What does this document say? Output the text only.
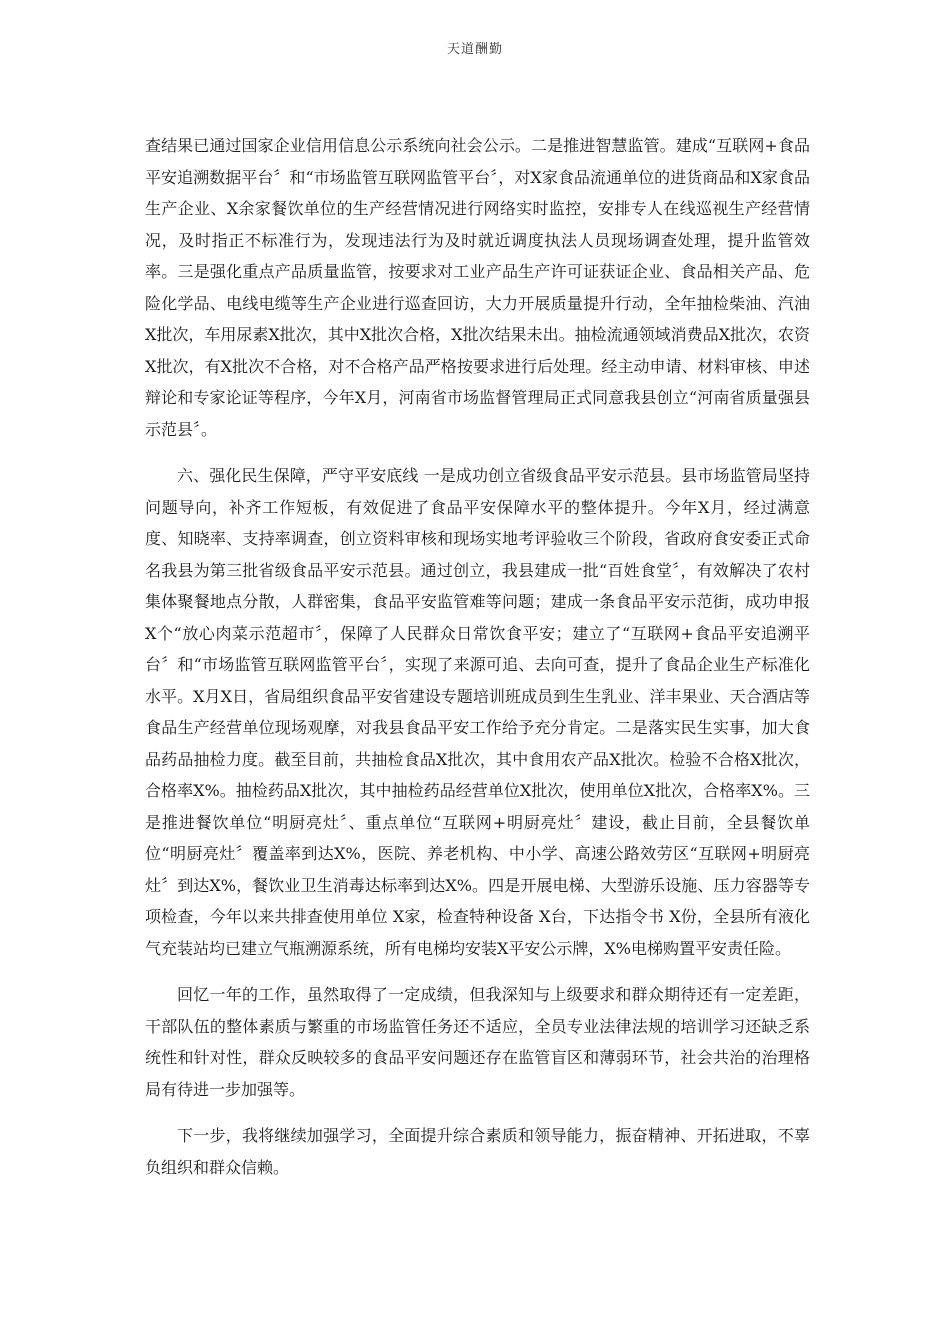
天道酬勤

查结果已通过国家企业信用信息公示系统向社会公示。二是推进智慧监管。建成“互联网+食品平安追溯数据平台〞和“市场监管互联网监管平台〞，对X家食品流通单位的进货商品和X家食品生产企业、X余家餐饮单位的生产经营情况进行网络实时监控，安排专人在线巡视生产经营情况，及时指正不标准行为，发现违法行为及时就近调度执法人员现场调查处理，提升监管效率。三是强化重点产品质量监管，按要求对工业产品生产许可证获证企业、食品相关产品、危险化学品、电线电缆等生产企业进行巡查回访，大力开展质量提升行动，全年抽检柴油、汽油X批次，车用尿素X批次，其中X批次合格，X批次结果未出。抽检流通领域消费品X批次，农资X批次，有X批次不合格，对不合格产品严格按要求进行后处理。经主动申请、材料审核、申述辩论和专家论证等程序，今年X月，河南省市场监督管理局正式同意我县创立“河南省质量强县示范县〞。

六、强化民生保障，严守平安底线 一是成功创立省级食品平安示范县。县市场监管局坚持问题导向，补齐工作短板，有效促进了食品平安保障水平的整体提升。今年X月，经过满意度、知晓率、支持率调查，创立资料审核和现场实地考评验收三个阶段，省政府食安委正式命名我县为第三批省级食品平安示范县。通过创立，我县建成一批“百姓食堂〞，有效解决了农村集体聚餐地点分散，人群密集，食品平安监管难等问题；建成一条食品平安示范街，成功申报X个“放心肉菜示范超市〞，保障了人民群众日常饮食平安；建立了“互联网+食品平安追溯平台〞和“市场监管互联网监管平台〞，实现了来源可追、去向可查，提升了食品企业生产标准化水平。X月X日，省局组织食品平安省建设专题培训班成员到生生乳业、洋丰果业、天合酒店等食品生产经营单位现场观摩，对我县食品平安工作给予充分肯定。二是落实民生实事，加大食品药品抽检力度。截至目前，共抽检食品X批次，其中食用农产品X批次。检验不合格X批次，合格率X%。抽检药品X批次，其中抽检药品经营单位X批次，使用单位X批次，合格率X%。三是推进餐饮单位“明厨亮灶〞、重点单位“互联网+明厨亮灶〞建设，截止目前，全县餐饮单位“明厨亮灶〞覆盖率到达X%，医院、养老机构、中小学、高速公路效劳区“互联网+明厨亮灶〞到达X%，餐饮业卫生消毒达标率到达X%。四是开展电梯、大型游乐设施、压力容器等专项检查，今年以来共排查使用单位 X家，检查特种设备 X台，下达指令书 X份，全县所有液化气充装站均已建立气瓶溯源系统，所有电梯均安装X平安公示牌，X%电梯购置平安责任险。

回忆一年的工作，虽然取得了一定成绩，但我深知与上级要求和群众期待还有一定差距，干部队伍的整体素质与繁重的市场监管任务还不适应，全员专业法律法规的培训学习还缺乏系统性和针对性，群众反映较多的食品平安问题还存在监管盲区和薄弱环节，社会共治的治理格局有待进一步加强等。

下一步，我将继续加强学习，全面提升综合素质和领导能力，振奋精神、开拓进取，不辜负组织和群众信赖。
